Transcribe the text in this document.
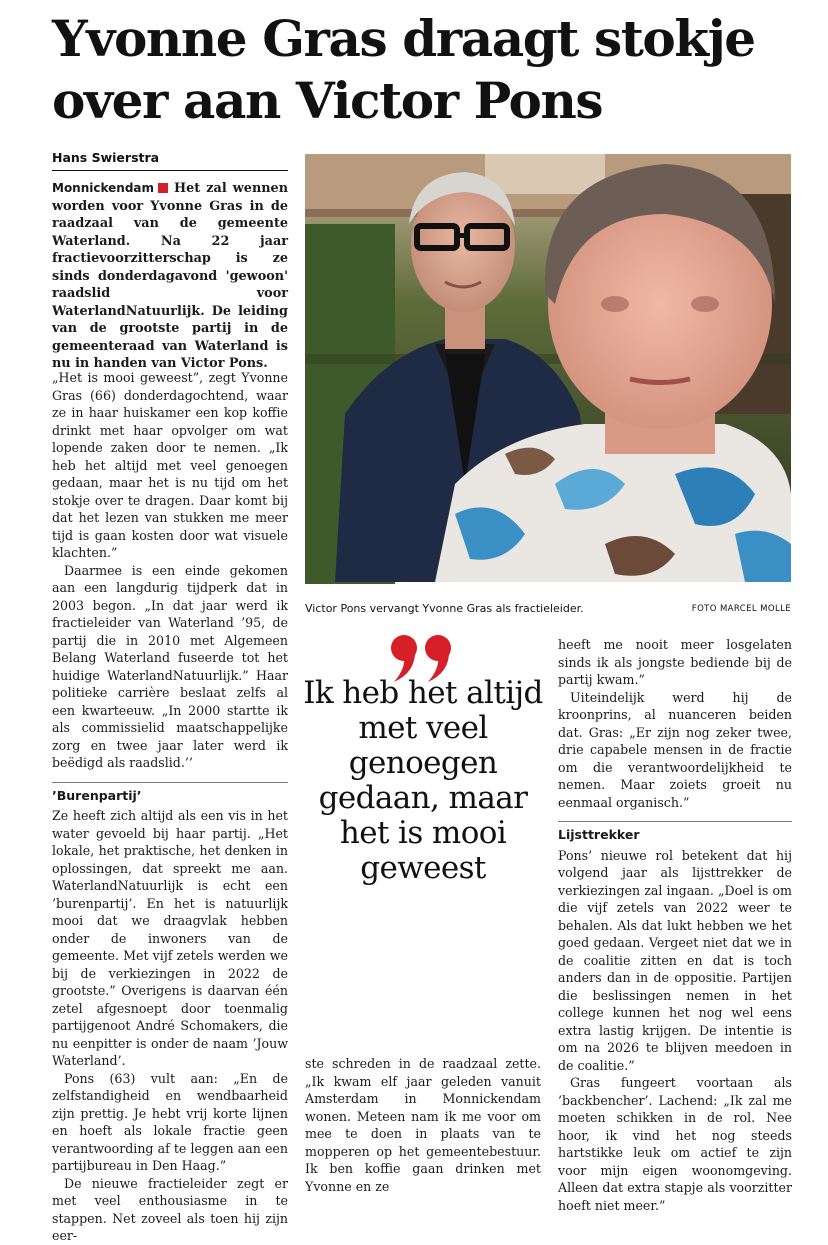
Yvonne Gras draagt stokje over aan Victor Pons
Hans Swierstra

Monnickendam Het zal wennen worden voor Yvonne Gras in de raadzaal van de gemeente Waterland. Na 22 jaar fractievoorzitterschap is ze sinds donderdagavond 'gewoon' raadslid voor WaterlandNatuurlijk. De leiding van de grootste partij in de gemeenteraad van Waterland is nu in handen van Victor Pons.

„Het is mooi geweest”, zegt Yvonne Gras (66) donderdagochtend, waar ze in haar huiskamer een kop koffie drinkt met haar opvolger om wat lopende zaken door te nemen. „Ik heb het altijd met veel genoegen gedaan, maar het is nu tijd om het stokje over te dragen. Daar komt bij dat het lezen van stukken me meer tijd is gaan kosten door wat visuele klachten.”

Daarmee is een einde gekomen aan een langdurig tijdperk dat in 2003 begon. „In dat jaar werd ik fractieleider van Waterland ’95, de partij die in 2010 met Algemeen Belang Waterland fuseerde tot het huidige WaterlandNatuurlijk.” Haar politieke carrière beslaat zelfs al een kwarteeuw. „In 2000 startte ik als commissielid maatschappelijke zorg en twee jaar later werd ik beëdigd als raadslid.’’

’Burenpartij’

Ze heeft zich altijd als een vis in het water gevoeld bij haar partij. „Het lokale, het praktische, het denken in oplossingen, dat spreekt me aan. WaterlandNatuurlijk is echt een ’burenpartij’. En het is natuurlijk mooi dat we draagvlak hebben onder de inwoners van de gemeente. Met vijf zetels werden we bij de verkiezingen in 2022 de grootste.” Overigens is daarvan één zetel afgesnoept door toenmalig partijgenoot André Schomakers, die nu eenpitter is onder de naam ’Jouw Waterland’.

Pons (63) vult aan: „En de zelfstandigheid en wendbaarheid zijn prettig. Je hebt vrij korte lijnen en hoeft als lokale fractie geen verantwoording af te leggen aan een partijbureau in Den Haag.”

De nieuwe fractieleider zegt er met veel enthousiasme in te stappen. Net zoveel als toen hij zijn eer-

Victor Pons vervangt Yvonne Gras als fractieleider.	FOTO MARCEL MOLLE
Ik heb het altijd met veel genoegen gedaan, maar het is mooi geweest

ste schreden in de raadzaal zette. „Ik kwam elf jaar geleden vanuit Amsterdam in Monnickendam wonen. Meteen nam ik me voor om mee te doen in plaats van te mopperen op het gemeentebestuur. Ik ben koffie gaan drinken met Yvonne en ze

heeft me nooit meer losgelaten sinds ik als jongste bediende bij de partij kwam.”

Uiteindelijk werd hij de kroonprins, al nuanceren beiden dat. Gras: „Er zijn nog zeker twee, drie capabele mensen in de fractie om die verantwoordelijkheid te nemen. Maar zoiets groeit nu eenmaal organisch.”

Lijsttrekker

Pons’ nieuwe rol betekent dat hij volgend jaar als lijsttrekker de verkiezingen zal ingaan. „Doel is om die vijf zetels van 2022 weer te behalen. Als dat lukt hebben we het goed gedaan. Vergeet niet dat we in de coalitie zitten en dat is toch anders dan in de oppositie. Partijen die beslissingen nemen in het college kunnen het nog wel eens extra lastig krijgen. De intentie is om na 2026 te blijven meedoen in de coalitie.”

Gras fungeert voortaan als ’backbencher’. Lachend: „Ik zal me moeten schikken in de rol. Nee hoor, ik vind het nog steeds hartstikke leuk om actief te zijn voor mijn eigen woonomgeving. Alleen dat extra stapje als voorzitter hoeft niet meer.”
